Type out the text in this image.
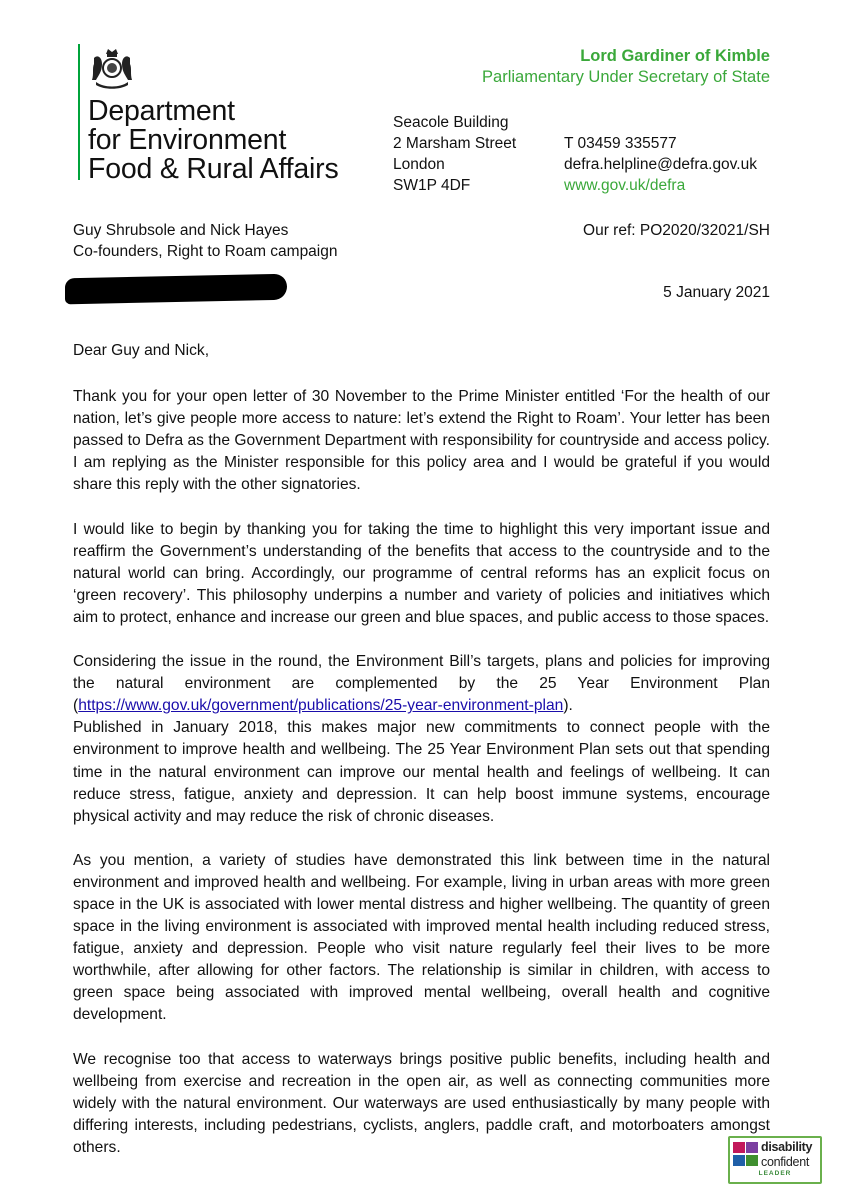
Department
for Environment
Food & Rural Affairs
Lord Gardiner of Kimble
Parliamentary Under Secretary of State
Seacole Building
2 Marsham Street
London
SW1P 4DF
T 03459 335577
defra.helpline@defra.gov.uk
www.gov.uk/defra
Guy Shrubsole and Nick Hayes
Co-founders, Right to Roam campaign
Our ref: PO2020/32021/SH
5 January 2021

Dear Guy and Nick,

Thank you for your open letter of 30 November to the Prime Minister entitled ‘For the health of our nation, let’s give people more access to nature: let’s extend the Right to Roam’. Your letter has been passed to Defra as the Government Department with responsibility for countryside and access policy. I am replying as the Minister responsible for this policy area and I would be grateful if you would share this reply with the other signatories.

I would like to begin by thanking you for taking the time to highlight this very important issue and reaffirm the Government’s understanding of the benefits that access to the countryside and to the natural world can bring. Accordingly, our programme of central reforms has an explicit focus on ‘green recovery’. This philosophy underpins a number and variety of policies and initiatives which aim to protect, enhance and increase our green and blue spaces, and public access to those spaces.

Considering the issue in the round, the Environment Bill’s targets, plans and policies for improving the natural environment are complemented by the 25 Year Environment Plan (https://www.gov.uk/government/publications/25-year-environment-plan).

Published in January 2018, this makes major new commitments to connect people with the environment to improve health and wellbeing. The 25 Year Environment Plan sets out that spending time in the natural environment can improve our mental health and feelings of wellbeing. It can reduce stress, fatigue, anxiety and depression. It can help boost immune systems, encourage physical activity and may reduce the risk of chronic diseases.

As you mention, a variety of studies have demonstrated this link between time in the natural environment and improved health and wellbeing. For example, living in urban areas with more green space in the UK is associated with lower mental distress and higher wellbeing. The quantity of green space in the living environment is associated with improved mental health including reduced stress, fatigue, anxiety and depression. People who visit nature regularly feel their lives to be more worthwhile, after allowing for other factors. The relationship is similar in children, with access to green space being associated with improved mental wellbeing, overall health and cognitive development.

We recognise too that access to waterways brings positive public benefits, including health and wellbeing from exercise and recreation in the open air, as well as connecting communities more widely with the natural environment. Our waterways are used enthusiastically by many people with differing interests, including pedestrians, cyclists, anglers, paddle craft, and motorboaters amongst others.	disability
confident
LEADER
